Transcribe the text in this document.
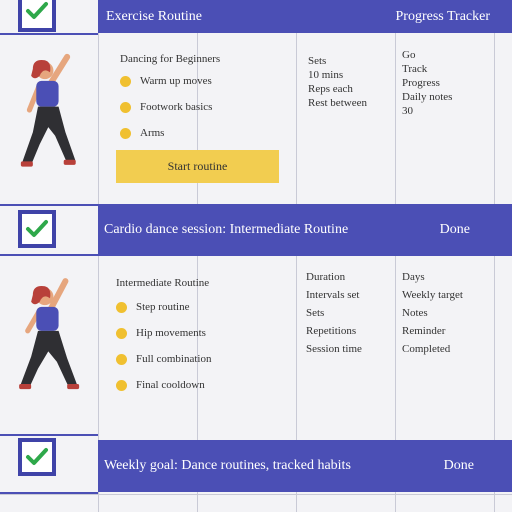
Exercise Routine	Progress Tracker
Dancing for Beginners
Warm up moves
Footwork basics
Arms
Start routine
Sets
10 mins
Reps each
Rest between
Go
Track
Progress
Daily notes
30
Cardio dance session: Intermediate Routine	Done
Intermediate Routine
Step routine
Hip movements
Full combination
Final cooldown
Duration
Intervals set
Sets
Repetitions
Session time
Days
Weekly target
Notes
Reminder
Completed
Weekly goal: Dance routines, tracked habits	Done
